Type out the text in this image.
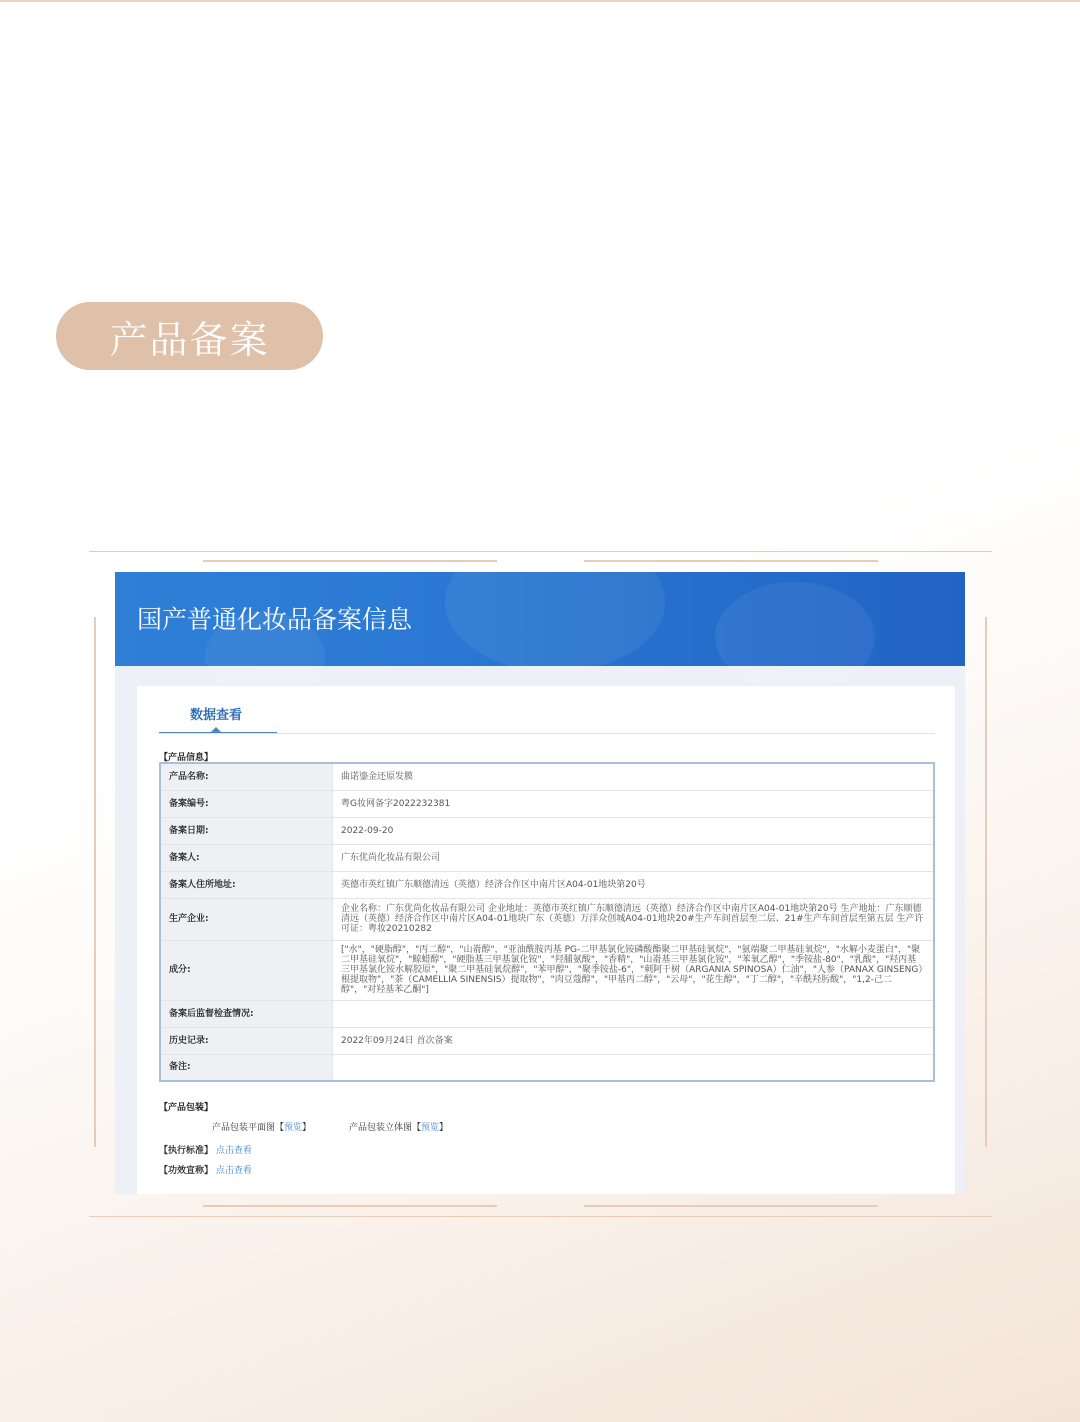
产品备案
国产普通化妆品备案信息
数据查看
【产品信息】
产品名称:	曲诺鎏金还原发膜
备案编号:	粤G妆网备字2022232381
备案日期:	2022-09-20
备案人:	广东优尚化妆品有限公司
备案人住所地址:	英德市英红镇广东顺德清远（英德）经济合作区中南片区A04-01地块第20号
生产企业:	企业名称：广东优尚化妆品有限公司 企业地址：英德市英红镇广东顺德清远（英德）经济合作区中南片区A04-01地块第20号 生产地址：广东顺德清远（英德）经济合作区中南片区A04-01地块广东（英德）万洋众创城A04-01地块20#生产车间首层至二层、21#生产车间首层至第五层 生产许可证：粤妆20210282
成分:	["水"，"硬脂醇"，"丙二醇"，"山嵛醇"，"亚油酰胺丙基 PG-二甲基氯化铵磷酸酯聚二甲基硅氧烷"，"氨端聚二甲基硅氧烷"，"水解小麦蛋白"，"聚二甲基硅氧烷"，"鲸蜡醇"，"硬脂基三甲基氯化铵"，"羟脯氨酸"，"香精"，"山嵛基三甲基氯化铵"，"苯氧乙醇"，"季铵盐-80"，"乳酸"，"羟丙基三甲基氯化铵水解胶原"，"聚二甲基硅氧烷醇"，"苯甲醇"，"聚季铵盐-6"，"刺阿干树（ARGANIA SPINOSA）仁油"，"人参（PANAX GINSENG）根提取物"，"茶（CAMELLIA SINENSIS）提取物"，"肉豆蔻醇"，"甲基丙二醇"，"云母"，"花生醇"，"丁二醇"，"辛酰羟肟酸"，"1,2-己二醇"，"对羟基苯乙酮"]
备案后监督检查情况:	
历史记录:	2022年09月24日 首次备案
备注:	
【产品包装】
产品包装平面图【预览】	产品包装立体图【预览】
【执行标准】 点击查看
【功效宣称】 点击查看
